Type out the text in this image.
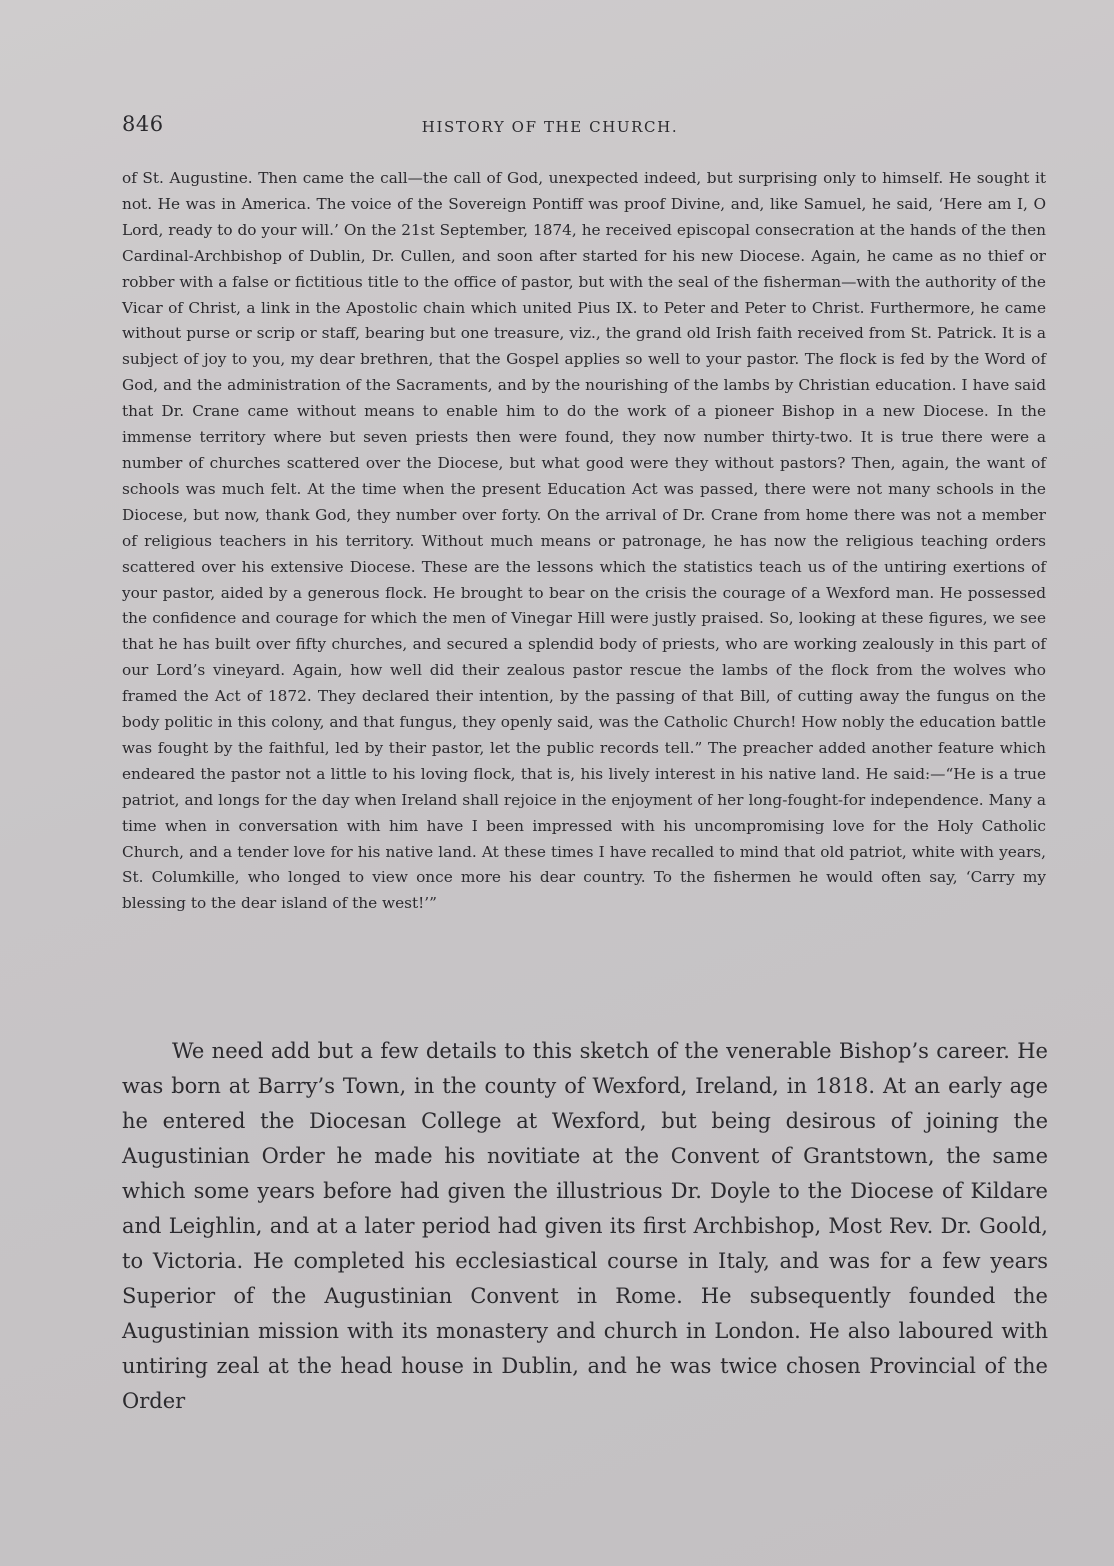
846	HISTORY OF THE CHURCH.

of St. Augustine. Then came the call—the call of God, unexpected indeed, but surprising only to himself. He sought it not. He was in America. The voice of the Sovereign Pontiff was proof Divine, and, like Samuel, he said, ‘Here am I, O Lord, ready to do your will.’ On the 21st September, 1874, he received episcopal consecration at the hands of the then Cardinal-Archbishop of Dublin, Dr. Cullen, and soon after started for his new Diocese. Again, he came as no thief or robber with a false or fictitious title to the office of pastor, but with the seal of the fisherman—with the authority of the Vicar of Christ, a link in the Apostolic chain which united Pius IX. to Peter and Peter to Christ. Furthermore, he came without purse or scrip or staff, bearing but one treasure, viz., the grand old Irish faith received from St. Patrick. It is a subject of joy to you, my dear brethren, that the Gospel applies so well to your pastor. The flock is fed by the Word of God, and the administration of the Sacraments, and by the nourishing of the lambs by Christian education. I have said that Dr. Crane came without means to enable him to do the work of a pioneer Bishop in a new Diocese. In the immense territory where but seven priests then were found, they now number thirty-two. It is true there were a number of churches scattered over the Diocese, but what good were they without pastors? Then, again, the want of schools was much felt. At the time when the present Education Act was passed, there were not many schools in the Diocese, but now, thank God, they number over forty. On the arrival of Dr. Crane from home there was not a member of religious teachers in his territory. Without much means or patronage, he has now the religious teaching orders scattered over his extensive Diocese. These are the lessons which the statistics teach us of the untiring exertions of your pastor, aided by a generous flock. He brought to bear on the crisis the courage of a Wexford man. He possessed the confidence and courage for which the men of Vinegar Hill were justly praised. So, looking at these figures, we see that he has built over fifty churches, and secured a splendid body of priests, who are working zealously in this part of our Lord’s vineyard. Again, how well did their zealous pastor rescue the lambs of the flock from the wolves who framed the Act of 1872. They declared their intention, by the passing of that Bill, of cutting away the fungus on the body politic in this colony, and that fungus, they openly said, was the Catholic Church! How nobly the education battle was fought by the faithful, led by their pastor, let the public records tell.” The preacher added another feature which endeared the pastor not a little to his loving flock, that is, his lively interest in his native land. He said:—“He is a true patriot, and longs for the day when Ireland shall rejoice in the enjoyment of her long-fought-for independence. Many a time when in conversation with him have I been impressed with his uncompromising love for the Holy Catholic Church, and a tender love for his native land. At these times I have recalled to mind that old patriot, white with years, St. Columkille, who longed to view once more his dear country. To the fishermen he would often say, ‘Carry my blessing to the dear island of the west!’”

We need add but a few details to this sketch of the venerable Bishop’s career. He was born at Barry’s Town, in the county of Wexford, Ireland, in 1818. At an early age he entered the Diocesan College at Wexford, but being desirous of joining the Augustinian Order he made his novitiate at the Convent of Grantstown, the same which some years before had given the illustrious Dr. Doyle to the Diocese of Kildare and Leighlin, and at a later period had given its first Archbishop, Most Rev. Dr. Goold, to Victoria. He completed his ecclesiastical course in Italy, and was for a few years Superior of the Augustinian Convent in Rome. He subsequently founded the Augustinian mission with its monastery and church in London. He also laboured with untiring zeal at the head house in Dublin, and he was twice chosen Provincial of the Order
